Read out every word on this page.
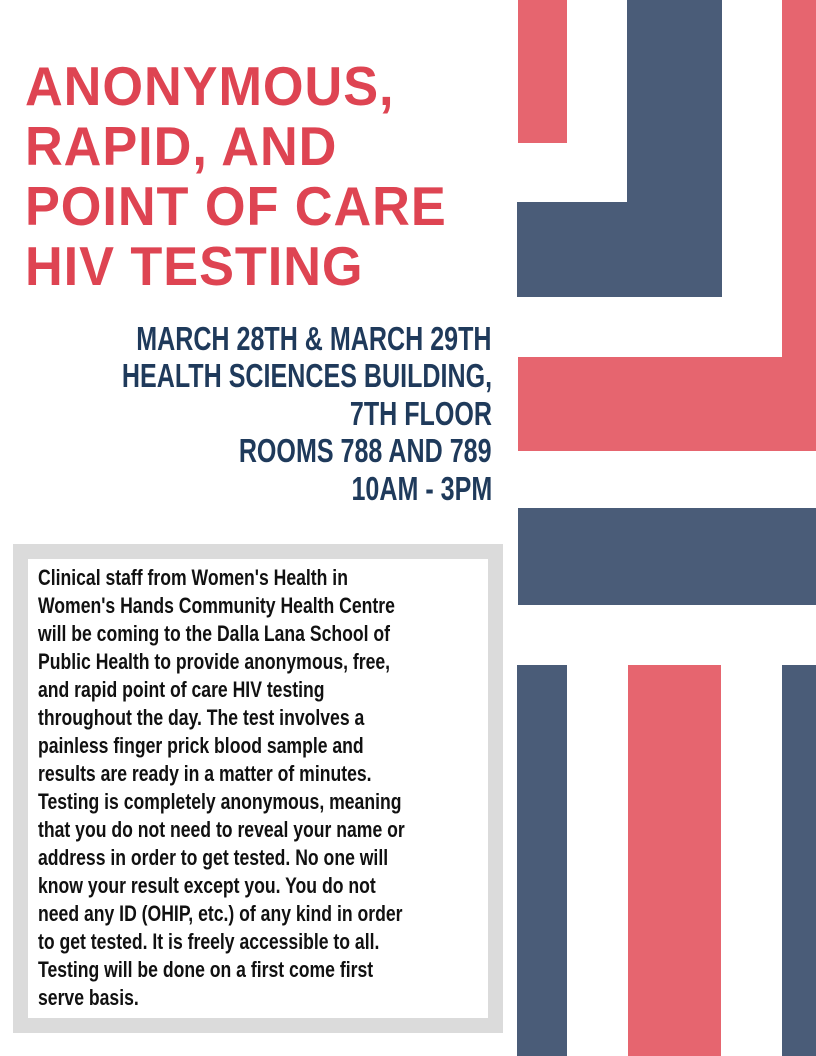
ANONYMOUS,
RAPID, AND
POINT OF CARE
HIV TESTING
MARCH 28TH & MARCH 29TH
HEALTH SCIENCES BUILDING,
7TH FLOOR
ROOMS 788 AND 789
10AM - 3PM
Clinical staff from Women's Health in
Women's Hands Community Health Centre
will be coming to the Dalla Lana School of
Public Health to provide anonymous, free,
and rapid point of care HIV testing
throughout the day. The test involves a
painless finger prick blood sample and
results are ready in a matter of minutes.
Testing is completely anonymous, meaning
that you do not need to reveal your name or
address in order to get tested. No one will
know your result except you. You do not
need any ID (OHIP, etc.) of any kind in order
to get tested. It is freely accessible to all.
Testing will be done on a first come first
serve basis.
